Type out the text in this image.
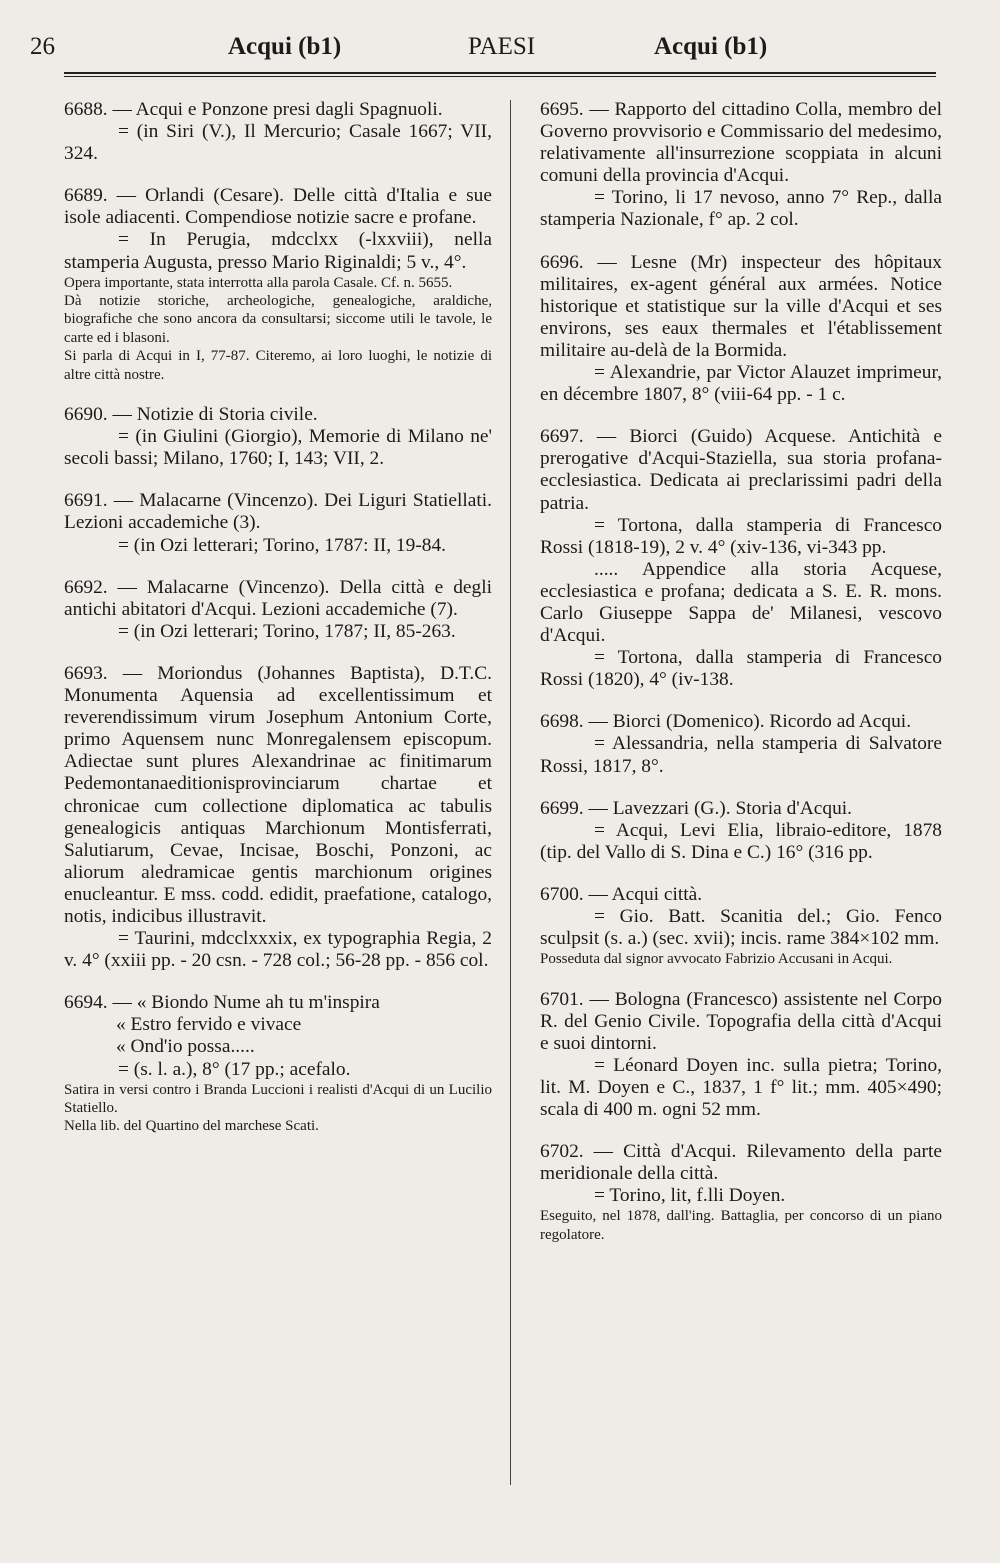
26	Acqui (b1)	PAESI	Acqui (b1)

6688. — Acqui e Ponzone presi dagli Spagnuoli.

= (in Siri (V.), Il Mercurio; Casale 1667; VII, 324.

6689. — Orlandi (Cesare). Delle città d'Italia e sue isole adiacenti. Compendiose notizie sacre e profane.

= In Perugia, mdcclxx (-lxxviii), nella stamperia Augusta, presso Mario Riginaldi; 5 v., 4°.

Opera importante, stata interrotta alla parola Casale. Cf. n. 5655.

Dà notizie storiche, archeologiche, genealogiche, araldiche, biografiche che sono ancora da consultarsi; siccome utili le tavole, le carte ed i blasoni.

Si parla di Acqui in I, 77-87. Citeremo, ai loro luoghi, le notizie di altre città nostre.

6690. — Notizie di Storia civile.

= (in Giulini (Giorgio), Memorie di Milano ne' secoli bassi; Milano, 1760; I, 143; VII, 2.

6691. — Malacarne (Vincenzo). Dei Liguri Statiellati. Lezioni accademiche (3).

= (in Ozi letterari; Torino, 1787: II, 19-84.

6692. — Malacarne (Vincenzo). Della città e degli antichi abitatori d'Acqui. Lezioni accademiche (7).

= (in Ozi letterari; Torino, 1787; II, 85-263.

6693. — Moriondus (Johannes Baptista), D.T.C. Monumenta Aquensia ad excellentissimum et reverendissimum virum Josephum Antonium Corte, primo Aquensem nunc Monregalensem episcopum. Adiectae sunt plures Alexandrinae ac finitimarum Pedemontanaeditionisprovinciarum chartae et chronicae cum collectione diplomatica ac tabulis genealogicis antiquas Marchionum Montisferrati, Salutiarum, Cevae, Incisae, Boschi, Ponzoni, ac aliorum aledramicae gentis marchionum origines enucleantur. E mss. codd. edidit, praefatione, catalogo, notis, indicibus illustravit.

= Taurini, mdcclxxxix, ex typographia Regia, 2 v. 4° (xxiii pp. - 20 csn. - 728 col.; 56-28 pp. - 856 col.

6694. — « Biondo Nume ah tu m'inspira

« Estro fervido e vivace

« Ond'io possa.....

= (s. l. a.), 8° (17 pp.; acefalo.

Satira in versi contro i Branda Luccioni i realisti d'Acqui di un Lucilio Statiello.

Nella lib. del Quartino del marchese Scati.

6695. — Rapporto del cittadino Colla, membro del Governo provvisorio e Commissario del medesimo, relativamente all'insurrezione scoppiata in alcuni comuni della provincia d'Acqui.

= Torino, li 17 nevoso, anno 7° Rep., dalla stamperia Nazionale, f° ap. 2 col.

6696. — Lesne (Mr) inspecteur des hôpitaux militaires, ex-agent général aux armées. Notice historique et statistique sur la ville d'Acqui et ses environs, ses eaux thermales et l'établissement militaire au-delà de la Bormida.

= Alexandrie, par Victor Alauzet imprimeur, en décembre 1807, 8° (viii-64 pp. - 1 c.

6697. — Biorci (Guido) Acquese. Antichità e prerogative d'Acqui-Staziella, sua storia profana-ecclesiastica. Dedicata ai preclarissimi padri della patria.

= Tortona, dalla stamperia di Francesco Rossi (1818-19), 2 v. 4° (xiv-136, vi-343 pp.

..... Appendice alla storia Acquese, ecclesiastica e profana; dedicata a S. E. R. mons. Carlo Giuseppe Sappa de' Milanesi, vescovo d'Acqui.

= Tortona, dalla stamperia di Francesco Rossi (1820), 4° (iv-138.

6698. — Biorci (Domenico). Ricordo ad Acqui.

= Alessandria, nella stamperia di Salvatore Rossi, 1817, 8°.

6699. — Lavezzari (G.). Storia d'Acqui.

= Acqui, Levi Elia, libraio-editore, 1878 (tip. del Vallo di S. Dina e C.) 16° (316 pp.

6700. — Acqui città.

= Gio. Batt. Scanitia del.; Gio. Fenco sculpsit (s. a.) (sec. xvii); incis. rame 384×102 mm.

Posseduta dal signor avvocato Fabrizio Accusani in Acqui.

6701. — Bologna (Francesco) assistente nel Corpo R. del Genio Civile. Topografia della città d'Acqui e suoi dintorni.

= Léonard Doyen inc. sulla pietra; Torino, lit. M. Doyen e C., 1837, 1 f° lit.; mm. 405×490; scala di 400 m. ogni 52 mm.

6702. — Città d'Acqui. Rilevamento della parte meridionale della città.

= Torino, lit, f.lli Doyen.

Eseguito, nel 1878, dall'ing. Battaglia, per concorso di un piano regolatore.
